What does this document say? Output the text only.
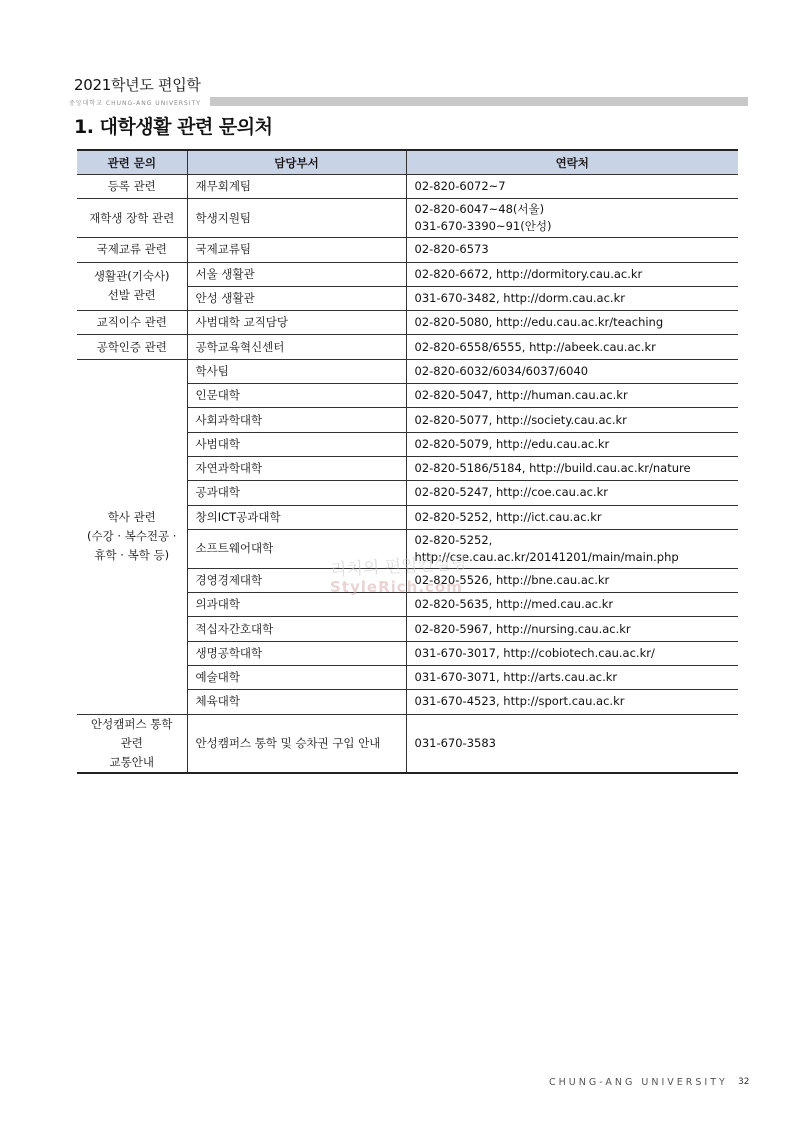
2021학년도 편입학
중앙대학교 CHUNG-ANG UNIVERSITY
1. 대학생활 관련 문의처
관련 문의	담당부서	연락처
등록 관련	재무회계팀	02-820-6072~7
재학생 장학 관련	학생지원팀	02-820-6047~48(서울)
031-670-3390~91(안성)
국제교류 관련	국제교류팀	02-820-6573
생활관(기숙사)
선발 관련	서울 생활관	02-820-6672, http://dormitory.cau.ac.kr
	안성 생활관	031-670-3482, http://dorm.cau.ac.kr
교직이수 관련	사범대학 교직담당	02-820-5080, http://edu.cau.ac.kr/teaching
공학인증 관련	공학교육혁신센터	02-820-6558/6555, http://abeek.cau.ac.kr
학사 관련
(수강 · 복수전공 ·
휴학 · 복학 등)	학사팀	02-820-6032/6034/6037/6040
	인문대학	02-820-5047, http://human.cau.ac.kr
	사회과학대학	02-820-5077, http://society.cau.ac.kr
	사범대학	02-820-5079, http://edu.cau.ac.kr
	자연과학대학	02-820-5186/5184, http://build.cau.ac.kr/nature
	공과대학	02-820-5247, http://coe.cau.ac.kr
	창의ICT공과대학	02-820-5252, http://ict.cau.ac.kr
	소프트웨어대학	02-820-5252,
http://cse.cau.ac.kr/20141201/main/main.php
	경영경제대학	02-820-5526, http://bne.cau.ac.kr
	의과대학	02-820-5635, http://med.cau.ac.kr
	적십자간호대학	02-820-5967, http://nursing.cau.ac.kr
	생명공학대학	031-670-3017, http://cobiotech.cau.ac.kr/
	예술대학	031-670-3071, http://arts.cau.ac.kr
	체육대학	031-670-4523, http://sport.cau.ac.kr
안성캠퍼스 통학 관련
교통안내	안성캠퍼스 통학 및 승차권 구입 안내	031-670-3583
리치의 편입컨설팅
StyleRich.com
CHUNG-ANG UNIVERSITY 32
